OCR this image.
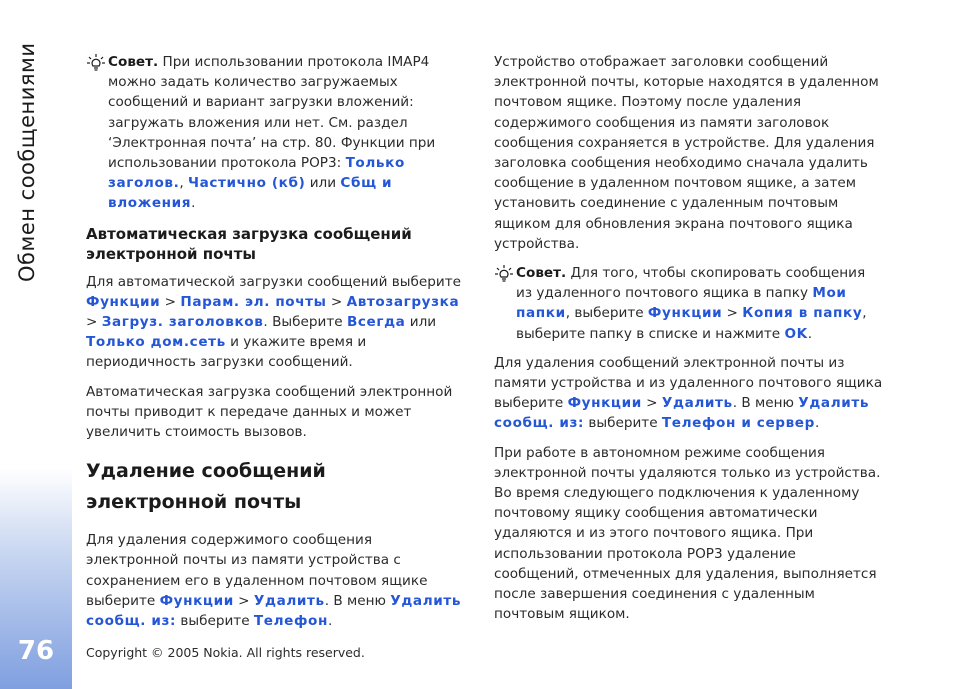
Обмен сообщениями
76

Совет. При использовании протокола IMAP4 можно задать количество загружаемых сообщений и вариант загрузки вложений: загружать вложения или нет. См. раздел ‘Электронная почта’ на стр. 80. Функции при использовании протокола POP3: Только заголов., Частично (кб) или Сбщ и вложения.

Автоматическая загрузка сообщений электронной почты

Для автоматической загрузки сообщений выберите Функции > Парам. эл. почты > Автозагрузка > Загруз. заголовков. Выберите Всегда или Только дом.сеть и укажите время и периодичность загрузки сообщений.

Автоматическая загрузка сообщений электронной почты приводит к передаче данных и может увеличить стоимость вызовов.

Удаление сообщений электронной почты

Для удаления содержимого сообщения электронной почты из памяти устройства с сохранением его в удаленном почтовом ящике выберите Функции > Удалить. В меню Удалить сообщ. из: выберите Телефон.

Устройство отображает заголовки сообщений электронной почты, которые находятся в удаленном почтовом ящике. Поэтому после удаления содержимого сообщения из памяти заголовок сообщения сохраняется в устройстве. Для удаления заголовка сообщения необходимо сначала удалить сообщение в удаленном почтовом ящике, а затем установить соединение с удаленным почтовым ящиком для обновления экрана почтового ящика устройства.

Совет. Для того, чтобы скопировать сообщения из удаленного почтового ящика в папку Мои папки, выберите Функции > Копия в папку, выберите папку в списке и нажмите OK.

Для удаления сообщений электронной почты из памяти устройства и из удаленного почтового ящика выберите Функции > Удалить. В меню Удалить сообщ. из: выберите Телефон и сервер.

При работе в автономном режиме сообщения электронной почты удаляются только из устройства. Во время следующего подключения к удаленному почтовому ящику сообщения автоматически удаляются и из этого почтового ящика. При использовании протокола POP3 удаление сообщений, отмеченных для удаления, выполняется после завершения соединения с удаленным почтовым ящиком.

Copyright © 2005 Nokia. All rights reserved.
